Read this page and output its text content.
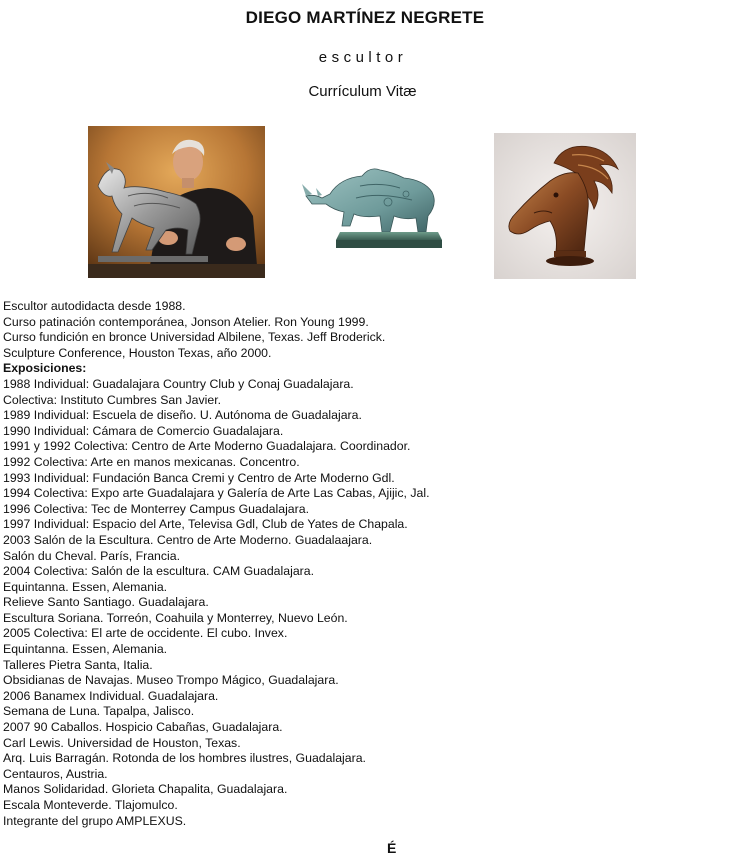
DIEGO MARTÍNEZ NEGRETE
escultor
Currículum Vitæ
Escultor autodidacta desde 1988.
Curso patinación contemporánea, Jonson Atelier. Ron Young 1999.
Curso fundición en bronce Universidad Albilene, Texas. Jeff Broderick.
Sculpture Conference, Houston Texas, año 2000.
Exposiciones:
1988 Individual: Guadalajara Country Club y Conaj Guadalajara.
Colectiva: Instituto Cumbres San Javier.
1989 Individual: Escuela de diseño. U. Autónoma de Guadalajara.
1990 Individual: Cámara de Comercio Guadalajara.
1991 y 1992 Colectiva: Centro de Arte Moderno Guadalajara. Coordinador.
1992 Colectiva: Arte en manos mexicanas. Concentro.
1993 Individual: Fundación Banca Cremi y Centro de Arte Moderno Gdl.
1994 Colectiva: Expo arte Guadalajara y Galería de Arte Las Cabas, Ajijic, Jal.
1996 Colectiva: Tec de Monterrey Campus Guadalajara.
1997 Individual: Espacio del Arte, Televisa Gdl, Club de Yates de Chapala.
2003 Salón de la Escultura. Centro de Arte Moderno. Guadalaajara.
Salón du Cheval. París, Francia.
2004 Colectiva: Salón de la escultura. CAM Guadalajara.
Equintanna. Essen, Alemania.
Relieve Santo Santiago. Guadalajara.
Escultura Soriana. Torreón, Coahuila y Monterrey, Nuevo León.
2005 Colectiva: El arte de occidente. El cubo. Invex.
Equintanna. Essen, Alemania.
Talleres Pietra Santa, Italia.
Obsidianas de Navajas. Museo Trompo Mágico, Guadalajara.
2006 Banamex Individual. Guadalajara.
Semana de Luna. Tapalpa, Jalisco.
2007 90 Caballos. Hospicio Cabañas, Guadalajara.
Carl Lewis. Universidad de Houston, Texas.
Arq. Luis Barragán. Rotonda de los hombres ilustres, Guadalajara.
Centauros, Austria.
Manos Solidaridad. Glorieta Chapalita, Guadalajara.
Escala Monteverde. Tlajomulco.
Integrante del grupo AMPLEXUS.
É
